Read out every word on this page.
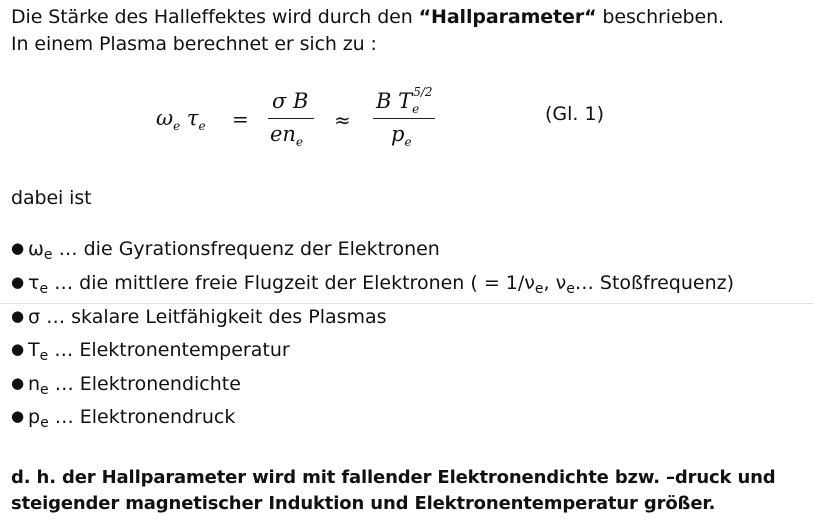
Die Stärke des Halleffektes wird durch den “Hallparameter“ beschrieben.
In einem Plasma berechnet er sich zu :
$\omega_e$ $\tau_e$ =
σ B
$en_e$
≈
B $T_e^{5/2}$
$p_e$
(Gl. 1)
dabei ist
● $\omega_e$ … die Gyrationsfrequenz der Elektronen
● $\tau_e$ … die mittlere freie Flugzeit der Elektronen ( = $1/\nu_e$, $\nu_e\dots$ Stoßfrequenz)
● σ … skalare Leitfähigkeit des Plasmas
● $T_e$ … Elektronentemperatur
● $n_e$ … Elektronendichte
● $p_e$ … Elektronendruck
d. h. der Hallparameter wird mit fallender Elektronendichte bzw. –druck und
steigender magnetischer Induktion und Elektronentemperatur größer.
